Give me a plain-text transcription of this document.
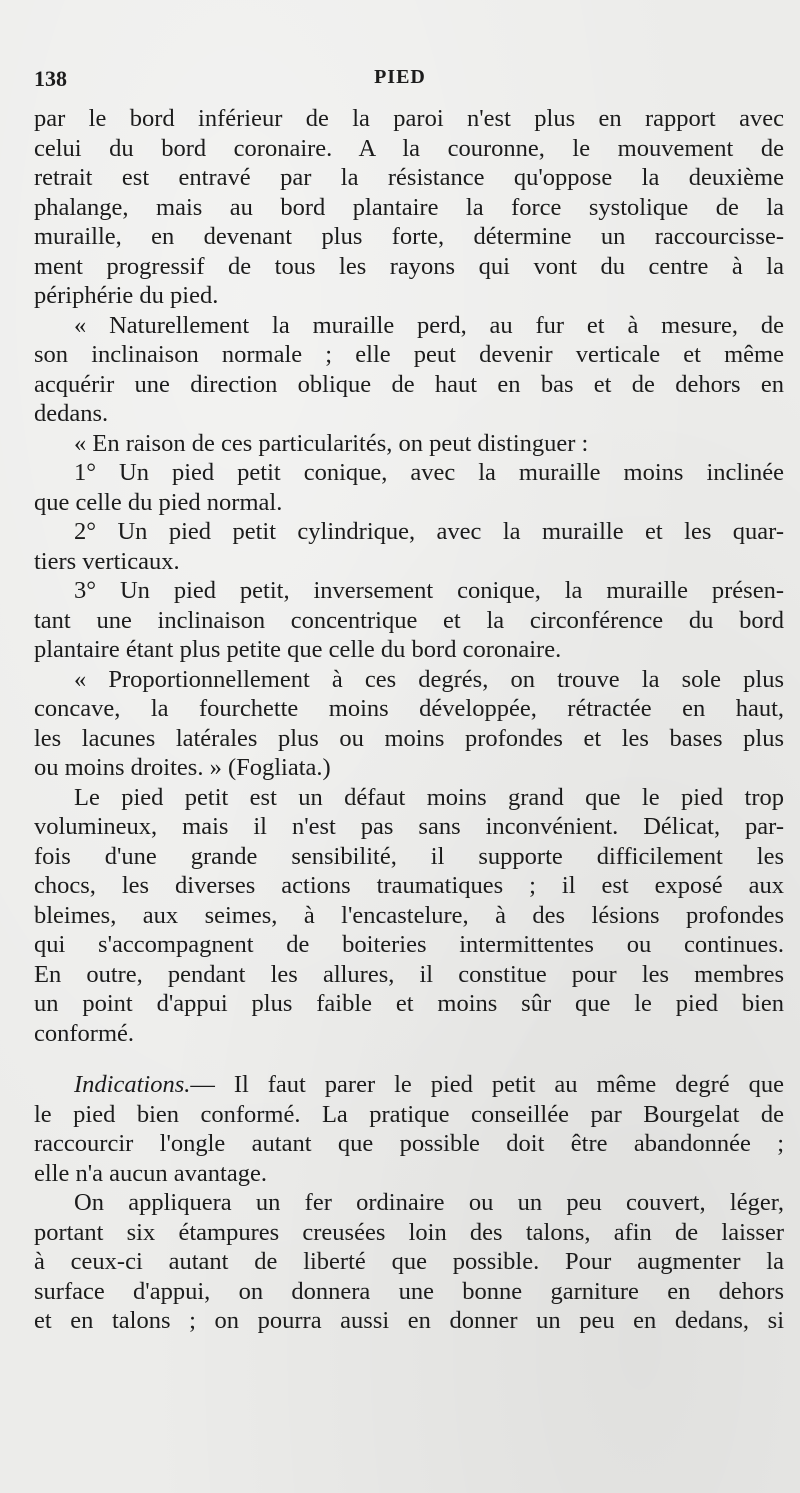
138	PIED
par le bord inférieur de la paroi n'est plus en rapport avec
celui du bord coronaire. A la couronne, le mouvement de
retrait est entravé par la résistance qu'oppose la deuxième
phalange, mais au bord plantaire la force systolique de la
muraille, en devenant plus forte, détermine un raccourcisse-
ment progressif de tous les rayons qui vont du centre à la
périphérie du pied.
« Naturellement la muraille perd, au fur et à mesure, de
son inclinaison normale ; elle peut devenir verticale et même
acquérir une direction oblique de haut en bas et de dehors en
dedans.
« En raison de ces particularités, on peut distinguer :
1° Un pied petit conique, avec la muraille moins inclinée
que celle du pied normal.
2° Un pied petit cylindrique, avec la muraille et les quar-
tiers verticaux.
3° Un pied petit, inversement conique, la muraille présen-
tant une inclinaison concentrique et la circonférence du bord
plantaire étant plus petite que celle du bord coronaire.
« Proportionnellement à ces degrés, on trouve la sole plus
concave, la fourchette moins développée, rétractée en haut,
les lacunes latérales plus ou moins profondes et les bases plus
ou moins droites. » (Fogliata.)
Le pied petit est un défaut moins grand que le pied trop
volumineux, mais il n'est pas sans inconvénient. Délicat, par-
fois d'une grande sensibilité, il supporte difficilement les
chocs, les diverses actions traumatiques ; il est exposé aux
bleimes, aux seimes, à l'encastelure, à des lésions profondes
qui s'accompagnent de boiteries intermittentes ou continues.
En outre, pendant les allures, il constitue pour les membres
un point d'appui plus faible et moins sûr que le pied bien
conformé.
Indications.— Il faut parer le pied petit au même degré que
le pied bien conformé. La pratique conseillée par Bourgelat de
raccourcir l'ongle autant que possible doit être abandonnée ;
elle n'a aucun avantage.
On appliquera un fer ordinaire ou un peu couvert, léger,
portant six étampures creusées loin des talons, afin de laisser
à ceux-ci autant de liberté que possible. Pour augmenter la
surface d'appui, on donnera une bonne garniture en dehors
et en talons ; on pourra aussi en donner un peu en dedans, si
